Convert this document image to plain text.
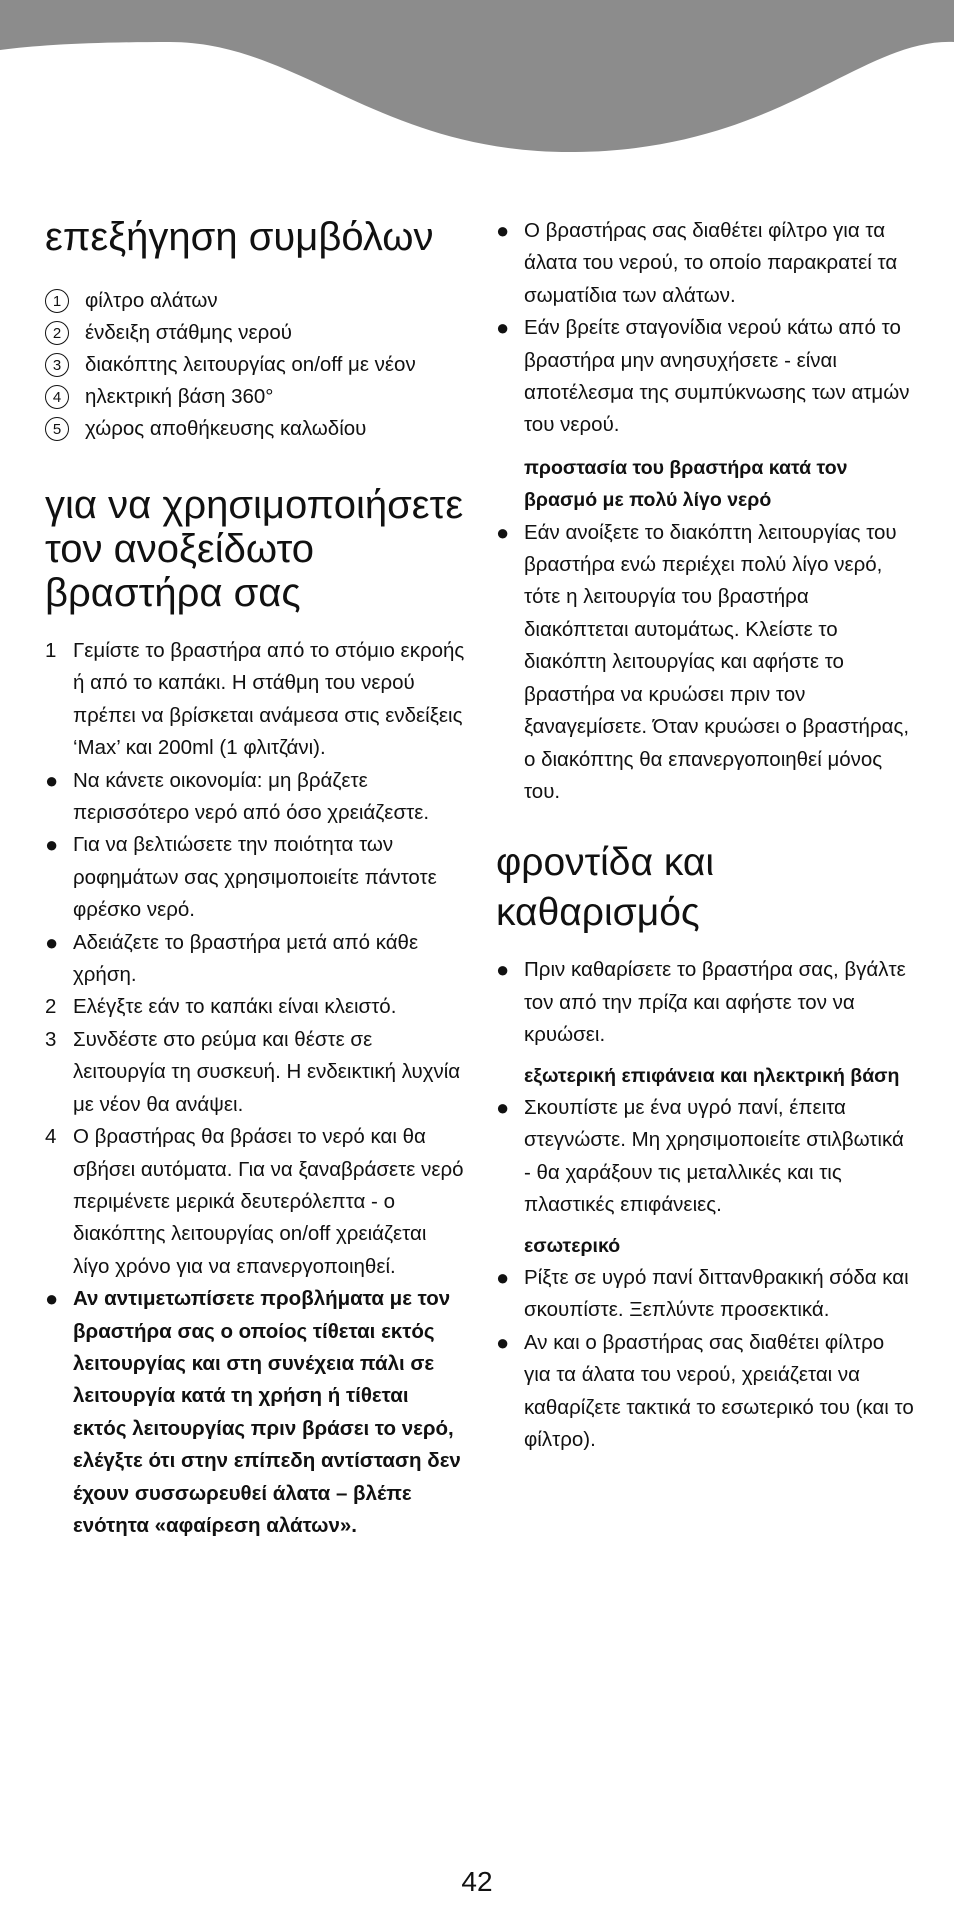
επεξήγηση συμβόλων
1	φίλτρο αλάτων
2	ένδειξη στάθμης νερού
3	διακόπτης λειτουργίας on/off με νέον
4	ηλεκτρική βάση 360°
5	χώρος αποθήκευσης καλωδίου
για να χρησιμοποιήσετε τον ανοξείδωτο βραστήρα σας
1 Γεμίστε το βραστήρα από το στόμιο εκροής ή από το καπάκι. Η στάθμη του νερού πρέπει να βρίσκεται ανάμεσα στις ενδείξεις ‘Max’ και 200ml (1 φλιτζάνι).
● Να κάνετε οικονομία: μη βράζετε περισσότερο νερό από όσο χρειάζεστε.
● Για να βελτιώσετε την ποιότητα των ροφημάτων σας χρησιμοποιείτε πάντοτε φρέσκο νερό.
● Αδειάζετε το βραστήρα μετά από κάθε χρήση.
2 Ελέγξτε εάν το καπάκι είναι κλειστό.
3 Συνδέστε στο ρεύμα και θέστε σε λειτουργία τη συσκευή. Η ενδεικτική λυχνία με νέον θα ανάψει.
4 Ο βραστήρας θα βράσει το νερό και θα σβήσει αυτόματα. Για να ξαναβράσετε νερό περιμένετε μερικά δευτερόλεπτα - ο διακόπτης λειτουργίας on/off χρειάζεται λίγο χρόνο για να επανεργοποιηθεί.
● Αν αντιμετωπίσετε προβλήματα με τον βραστήρα σας ο οποίος τίθεται εκτός λειτουργίας και στη συνέχεια πάλι σε λειτουργία κατά τη χρήση ή τίθεται εκτός λειτουργίας πριν βράσει το νερό, ελέγξτε ότι στην επίπεδη αντίσταση δεν έχουν συσσωρευθεί άλατα – βλέπε ενότητα «αφαίρεση αλάτων».
● Ο βραστήρας σας διαθέτει φίλτρο για τα άλατα του νερού, το οποίο παρακρατεί τα σωματίδια των αλάτων.
● Εάν βρείτε σταγονίδια νερού κάτω από το βραστήρα μην ανησυχήσετε - είναι αποτέλεσμα της συμπύκνωσης των ατμών του νερού.
προστασία του βραστήρα κατά τον βρασμό με πολύ λίγο νερό
● Εάν ανοίξετε το διακόπτη λειτουργίας του βραστήρα ενώ περιέχει πολύ λίγο νερό, τότε η λειτουργία του βραστήρα διακόπτεται αυτομάτως. Κλείστε το διακόπτη λειτουργίας και αφήστε το βραστήρα να κρυώσει πριν τον ξαναγεμίσετε. Όταν κρυώσει ο βραστήρας, ο διακόπτης θα επανεργοποιηθεί μόνος του.
φροντίδα και καθαρισμός
● Πριν καθαρίσετε το βραστήρα σας, βγάλτε τον από την πρίζα και αφήστε τον να κρυώσει.
εξωτερική επιφάνεια και ηλεκτρική βάση
● Σκουπίστε με ένα υγρό πανί, έπειτα στεγνώστε. Μη χρησιμοποιείτε στιλβωτικά - θα χαράξουν τις μεταλλικές και τις πλαστικές επιφάνειες.
εσωτερικό
● Ρίξτε σε υγρό πανί διττανθρακική σόδα και σκουπίστε. Ξεπλύντε προσεκτικά.
● Αν και ο βραστήρας σας διαθέτει φίλτρο για τα άλατα του νερού, χρειάζεται να καθαρίζετε τακτικά το εσωτερικό του (και το φίλτρο).
42
